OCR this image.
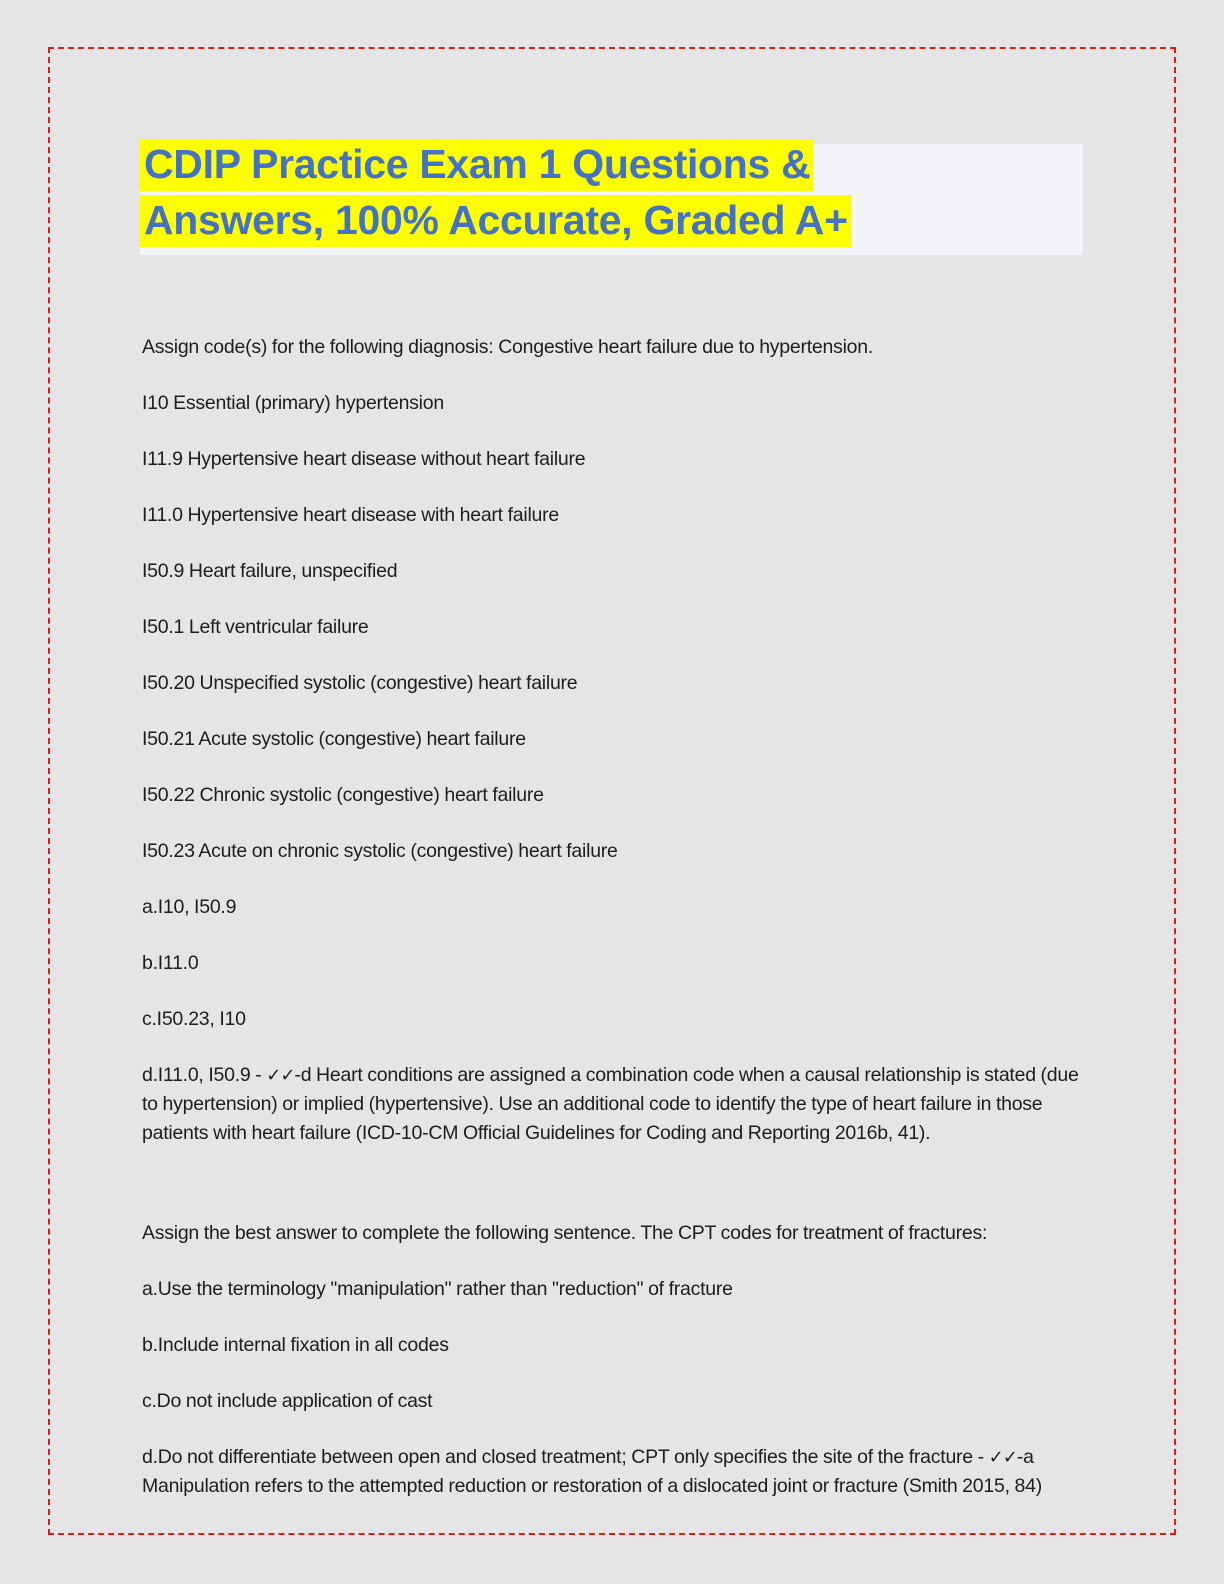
CDIP Practice Exam 1 Questions &
Answers, 100% Accurate, Graded A+

Assign code(s) for the following diagnosis: Congestive heart failure due to hypertension.

I10 Essential (primary) hypertension

I11.9 Hypertensive heart disease without heart failure

I11.0 Hypertensive heart disease with heart failure

I50.9 Heart failure, unspecified

I50.1 Left ventricular failure

I50.20 Unspecified systolic (congestive) heart failure

I50.21 Acute systolic (congestive) heart failure

I50.22 Chronic systolic (congestive) heart failure

I50.23 Acute on chronic systolic (congestive) heart failure

a.I10, I50.9

b.I11.0

c.I50.23, I10

d.I11.0, I50.9 - ✓✓-d Heart conditions are assigned a combination code when a causal relationship is stated (due to hypertension) or implied (hypertensive). Use an additional code to identify the type of heart failure in those patients with heart failure (ICD-10-CM Official Guidelines for Coding and Reporting 2016b, 41).

Assign the best answer to complete the following sentence. The CPT codes for treatment of fractures:

a.Use the terminology "manipulation" rather than "reduction" of fracture

b.Include internal fixation in all codes

c.Do not include application of cast

d.Do not differentiate between open and closed treatment; CPT only specifies the site of the fracture - ✓✓-a Manipulation refers to the attempted reduction or restoration of a dislocated joint or fracture (Smith 2015, 84)
